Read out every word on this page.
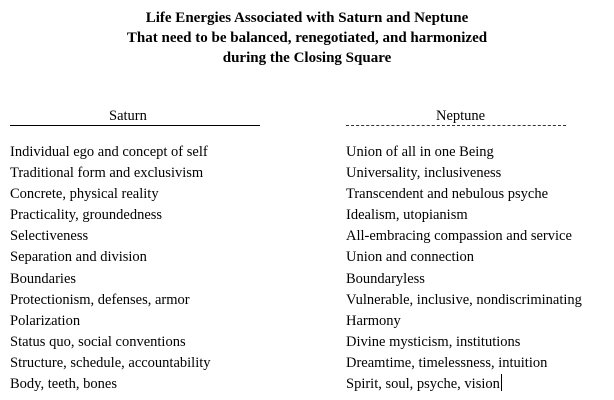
Life Energies Associated with Saturn and Neptune
That need to be balanced, renegotiated, and harmonized
during the Closing Square
Saturn	Neptune
Individual ego and concept of self
Traditional form and exclusivism
Concrete, physical reality
Practicality, groundedness
Selectiveness
Separation and division
Boundaries
Protectionism, defenses, armor
Polarization
Status quo, social conventions
Structure, schedule, accountability
Body, teeth, bones
Union of all in one Being
Universality, inclusiveness
Transcendent and nebulous psyche
Idealism, utopianism
All-embracing compassion and service
Union and connection
Boundaryless
Vulnerable, inclusive, nondiscriminating
Harmony
Divine mysticism, institutions
Dreamtime, timelessness, intuition
Spirit, soul, psyche, vision
